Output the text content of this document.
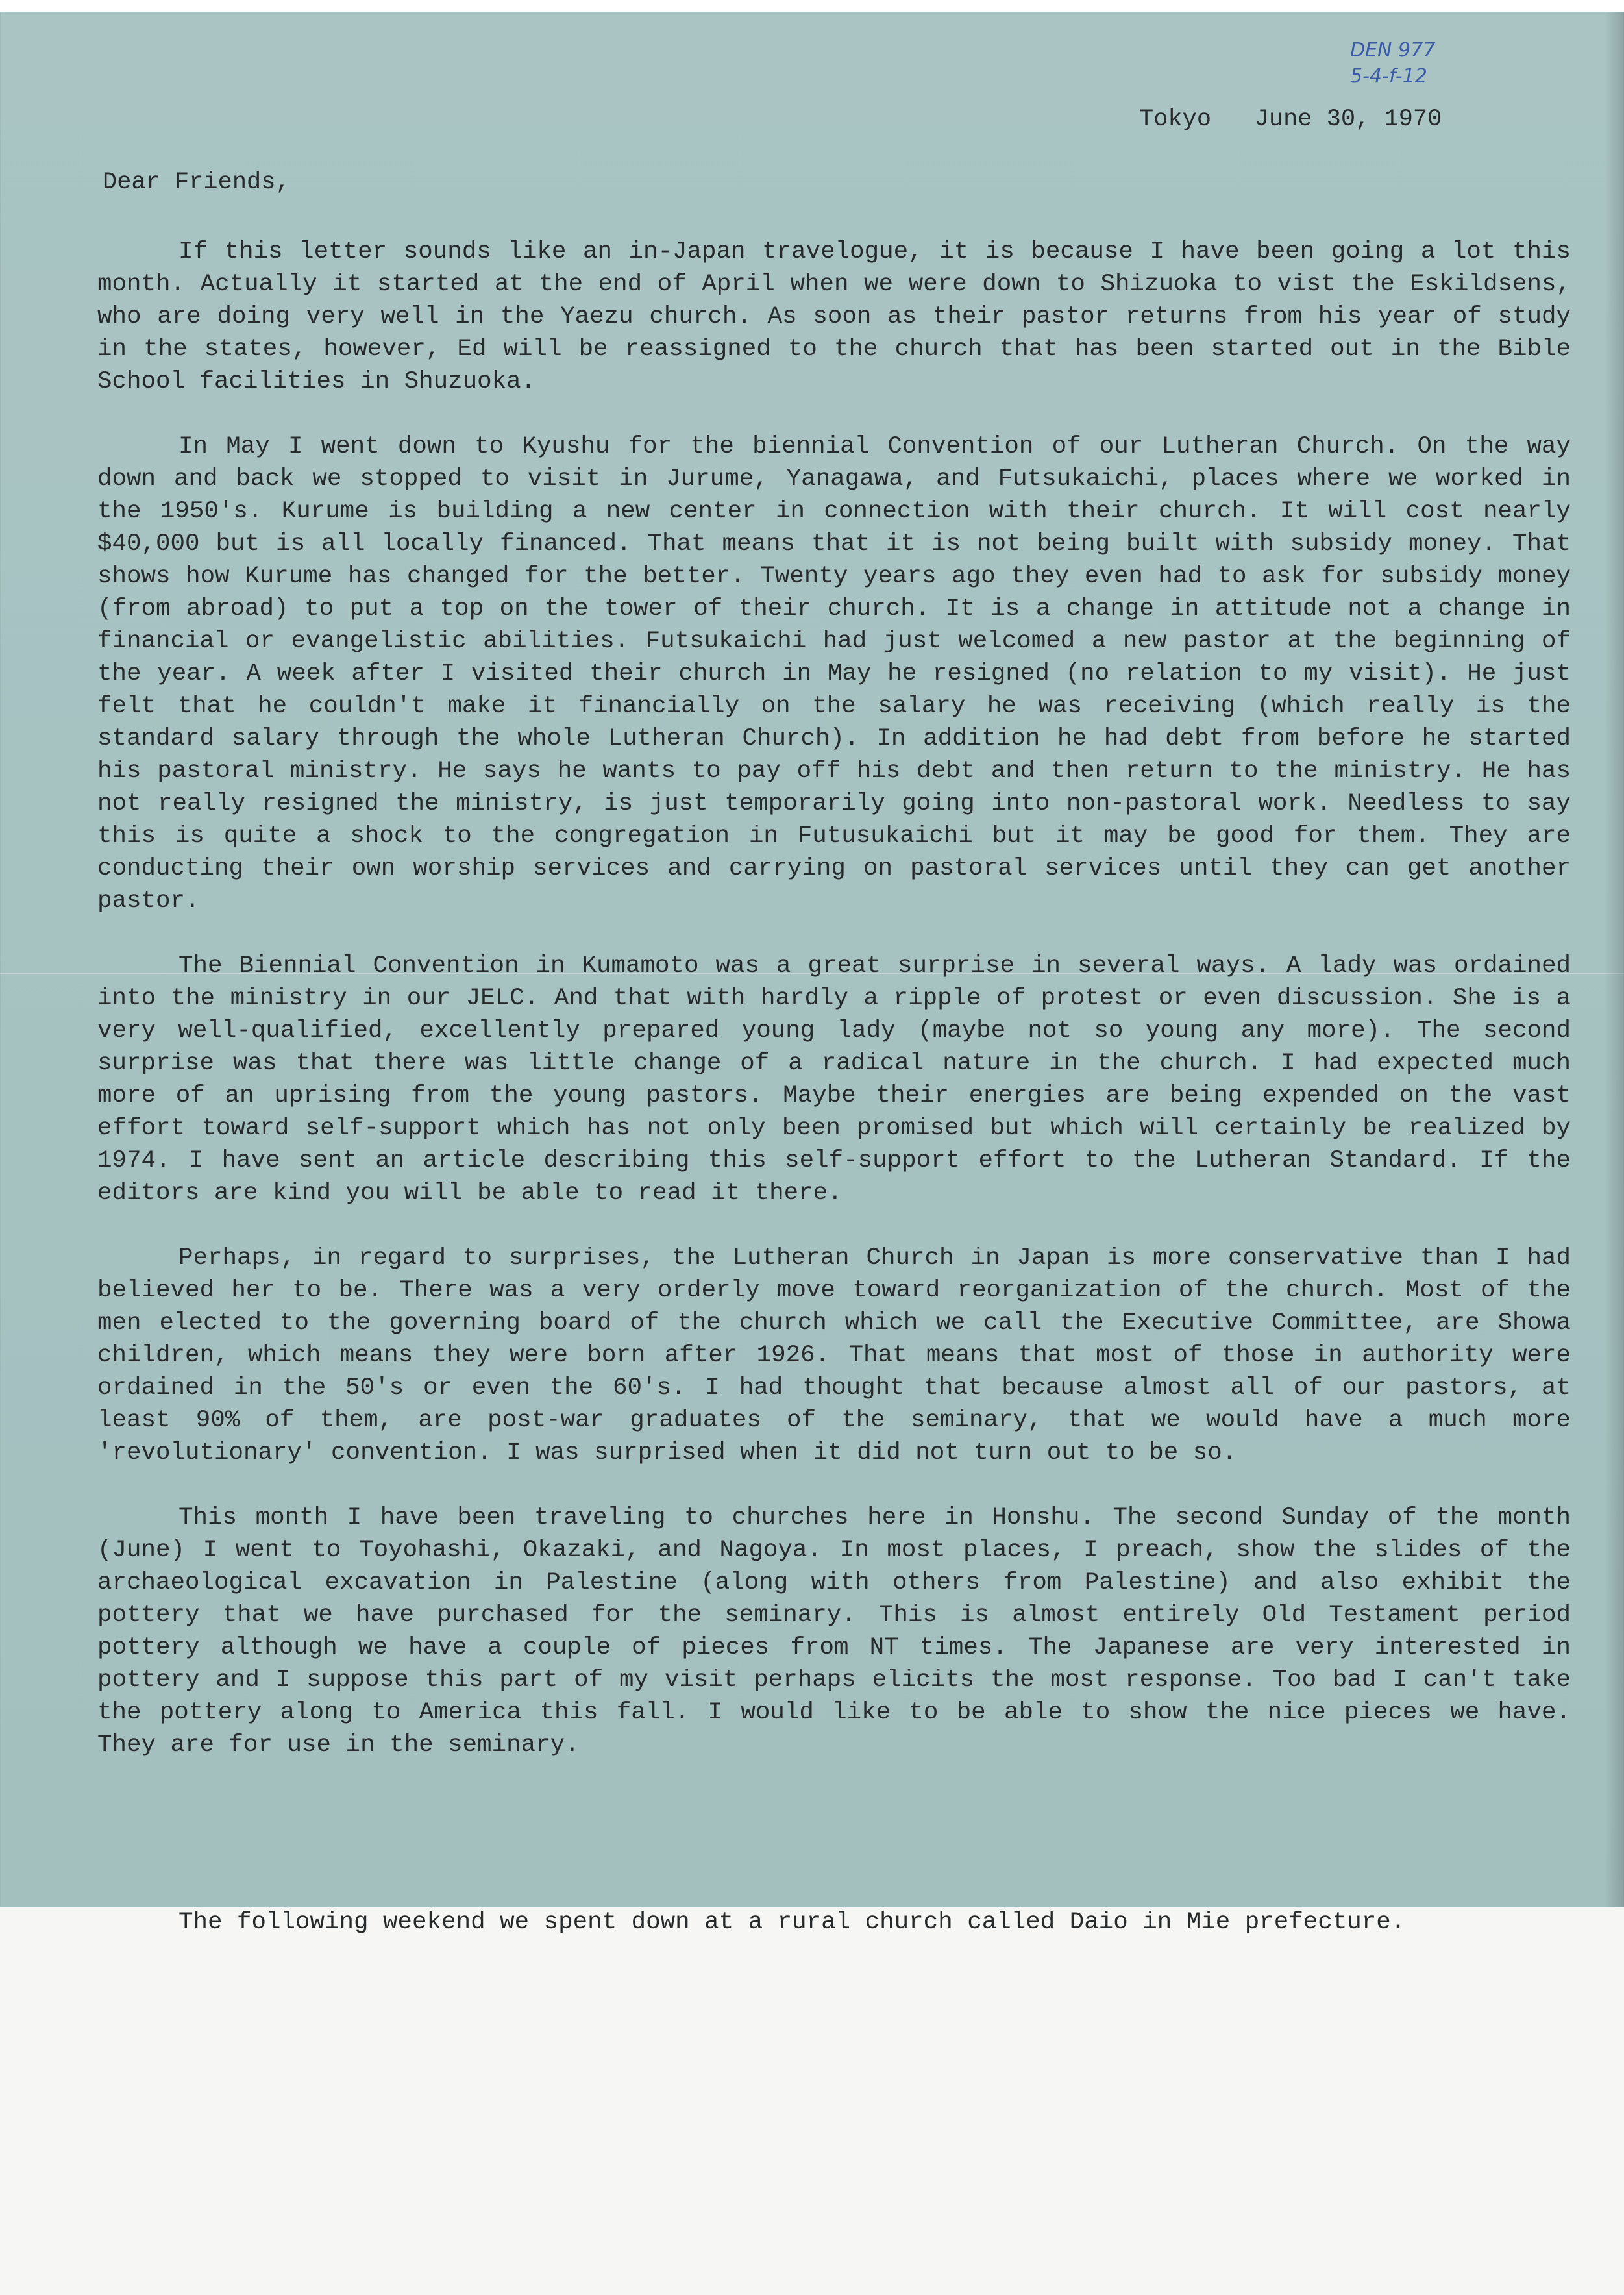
DEN 977
5-4-f-12
Tokyo June 30, 1970
Dear Friends,

If this letter sounds like an in-Japan travelogue, it is because I have been going a lot this month. Actually it started at the end of April when we were down to Shizuoka to vist the Eskildsens, who are doing very well in the Yaezu church. As soon as their pastor returns from his year of study in the states, however, Ed will be reassigned to the church that has been started out in the Bible School facilities in Shuzuoka.

In May I went down to Kyushu for the biennial Convention of our Lutheran Church. On the way down and back we stopped to visit in Jurume, Yanagawa, and Futsukaichi, places where we worked in the 1950's. Kurume is building a new center in connection with their church. It will cost nearly $40,000 but is all locally financed. That means that it is not being built with subsidy money. That shows how Kurume has changed for the better. Twenty years ago they even had to ask for subsidy money (from abroad) to put a top on the tower of their church. It is a change in attitude not a change in financial or evangelistic abilities. Futsukaichi had just welcomed a new pastor at the beginning of the year. A week after I visited their church in May he resigned (no relation to my visit). He just felt that he couldn't make it financially on the salary he was receiving (which really is the standard salary through the whole Lutheran Church). In addition he had debt from before he started his pastoral ministry. He says he wants to pay off his debt and then return to the ministry. He has not really resigned the ministry, is just temporarily going into non-pastoral work. Needless to say this is quite a shock to the congregation in Futusukaichi but it may be good for them. They are conducting their own worship services and carrying on pastoral services until they can get another pastor.

The Biennial Convention in Kumamoto was a great surprise in several ways. A lady was ordained into the ministry in our JELC. And that with hardly a ripple of protest or even discussion. She is a very well-qualified, excellently prepared young lady (maybe not so young any more). The second surprise was that there was little change of a radical nature in the church. I had expected much more of an uprising from the young pastors. Maybe their energies are being expended on the vast effort toward self-support which has not only been promised but which will certainly be realized by 1974. I have sent an article describing this self-support effort to the Lutheran Standard. If the editors are kind you will be able to read it there.

Perhaps, in regard to surprises, the Lutheran Church in Japan is more conservative than I had believed her to be. There was a very orderly move toward reorganization of the church. Most of the men elected to the governing board of the church which we call the Executive Committee, are Showa children, which means they were born after 1926. That means that most of those in authority were ordained in the 50's or even the 60's. I had thought that because almost all of our pastors, at least 90% of them, are post-war graduates of the seminary, that we would have a much more 'revolutionary' convention. I was surprised when it did not turn out to be so.

This month I have been traveling to churches here in Honshu. The second Sunday of the month (June) I went to Toyohashi, Okazaki, and Nagoya. In most places, I preach, show the slides of the archaeological excavation in Palestine (along with others from Palestine) and also exhibit the pottery that we have purchased for the seminary. This is almost entirely Old Testament period pottery although we have a couple of pieces from NT times. The Japanese are very interested in pottery and I suppose this part of my visit perhaps elicits the most response. Too bad I can't take the pottery along to America this fall. I would like to be able to show the nice pieces we have. They are for use in the seminary.

The following weekend we spent down at a rural church called Daio in Mie prefecture.
